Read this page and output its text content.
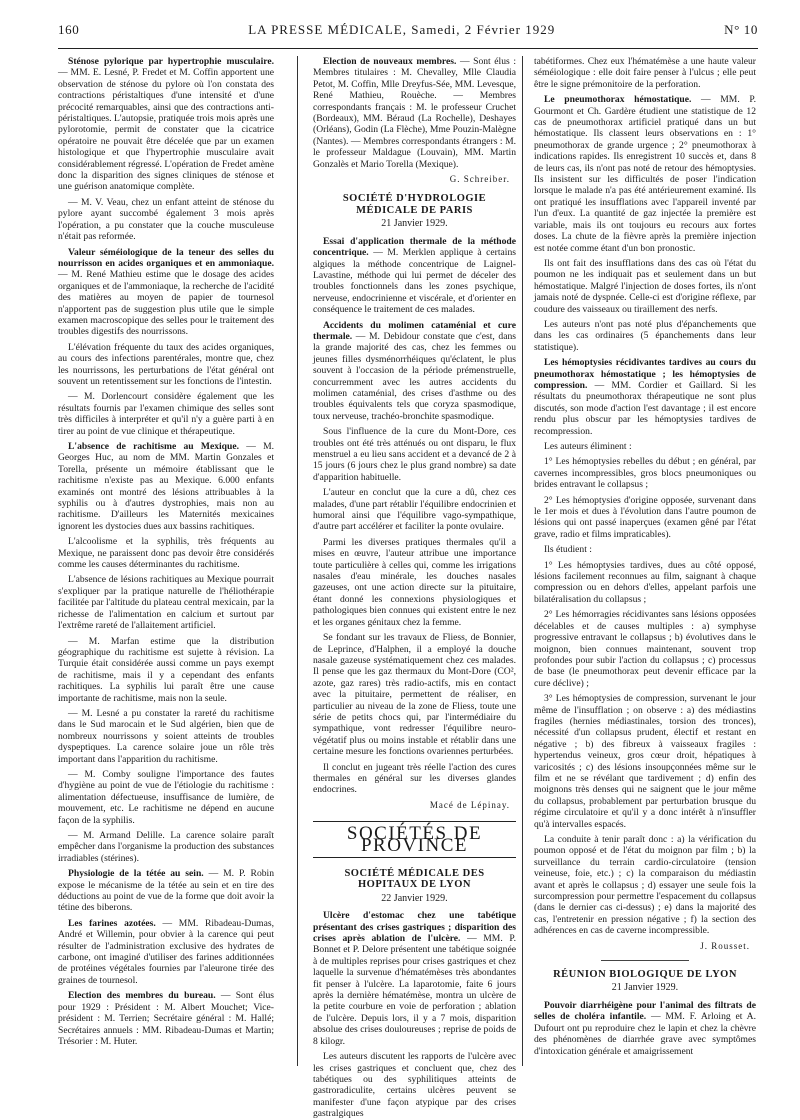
160	LA PRESSE MÉDICALE, Samedi, 2 Février 1929	N° 10

Sténose pylorique par hypertrophie musculaire. — MM. E. Lesné, P. Fredet et M. Coffin apportent une observation de sténose du pylore où l'on constata des contractions péristaltiques d'une intensité et d'une précocité remarquables, ainsi que des contractions anti-péristaltiques. L'autopsie, pratiquée trois mois après une pylorotomie, permit de constater que la cicatrice opératoire ne pouvait être décelée que par un examen histologique et que l'hypertrophie musculaire avait considérablement régressé. L'opération de Fredet amène donc la disparition des signes cliniques de sténose et une guérison anatomique complète.

— M. V. Veau, chez un enfant atteint de sténose du pylore ayant succombé également 3 mois après l'opération, a pu constater que la couche musculeuse n'était pas reformée.

Valeur séméiologique de la teneur des selles du nourrisson en acides organiques et en ammoniaque. — M. René Mathieu estime que le dosage des acides organiques et de l'ammoniaque, la recherche de l'acidité des matières au moyen de papier de tournesol n'apportent pas de suggestion plus utile que le simple examen macroscopique des selles pour le traitement des troubles digestifs des nourrissons.

L'élévation fréquente du taux des acides organiques, au cours des infections parentérales, montre que, chez les nourrissons, les perturbations de l'état général ont souvent un retentissement sur les fonctions de l'intestin.

— M. Dorlencourt considère également que les résultats fournis par l'examen chimique des selles sont très difficiles à interpréter et qu'il n'y a guère parti à en tirer au point de vue clinique et thérapeutique.

L'absence de rachitisme au Mexique. — M. Georges Huc, au nom de MM. Martin Gonzales et Torella, présente un mémoire établissant que le rachitisme n'existe pas au Mexique. 6.000 enfants examinés ont montré des lésions attribuables à la syphilis ou à d'autres dystrophies, mais non au rachitisme. D'ailleurs les Maternités mexicaines ignorent les dystocies dues aux bassins rachitiques.

L'alcoolisme et la syphilis, très fréquents au Mexique, ne paraissent donc pas devoir être considérés comme les causes déterminantes du rachitisme.

L'absence de lésions rachitiques au Mexique pourrait s'expliquer par la pratique naturelle de l'héliothérapie facilitée par l'altitude du plateau central mexicain, par la richesse de l'alimentation en calcium et surtout par l'extrême rareté de l'allaitement artificiel.

— M. Marfan estime que la distribution géographique du rachitisme est sujette à révision. La Turquie était considérée aussi comme un pays exempt de rachitisme, mais il y a cependant des enfants rachitiques. La syphilis lui paraît être une cause importante de rachitisme, mais non la seule.

— M. Lesné a pu constater la rareté du rachitisme dans le Sud marocain et le Sud algérien, bien que de nombreux nourrissons y soient atteints de troubles dyspeptiques. La carence solaire joue un rôle très important dans l'apparition du rachitisme.

— M. Comby souligne l'importance des fautes d'hygiène au point de vue de l'étiologie du rachitisme : alimentation défectueuse, insuffisance de lumière, de mouvement, etc. Le rachitisme ne dépend en aucune façon de la syphilis.

— M. Armand Delille. La carence solaire paraît empêcher dans l'organisme la production des substances irradiables (stérines).

Physiologie de la tétée au sein. — M. P. Robin expose le mécanisme de la tétée au sein et en tire des déductions au point de vue de la forme que doit avoir la tétine des biberons.

Les farines azotées. — MM. Ribadeau-Dumas, André et Willemin, pour obvier à la carence qui peut résulter de l'administration exclusive des hydrates de carbone, ont imaginé d'utiliser des farines additionnées de protéines végétales fournies par l'aleurone tirée des graines de tournesol.

Election des membres du bureau. — Sont élus pour 1929 : Président : M. Albert Mouchet; Vice-président : M. Terrien; Secrétaire général : M. Hallé; Secrétaires annuels : MM. Ribadeau-Dumas et Martin; Trésorier : M. Huter.

Election de nouveaux membres. — Sont élus : Membres titulaires : M. Chevalley, Mlle Claudia Petot, M. Coffin, Mlle Dreyfus-Sée, MM. Levesque, René Mathieu, Rouèche. — Membres correspondants français : M. le professeur Cruchet (Bordeaux), MM. Béraud (La Rochelle), Deshayes (Orléans), Godin (La Flèche), Mme Pouzin-Malègne (Nantes). — Membres correspondants étrangers : M. le professeur Maldague (Louvain), MM. Martin Gonzalès et Mario Torella (Mexique).

G. Schreiber.
SOCIÉTÉ D'HYDROLOGIE MÉDICALE DE PARIS
21 Janvier 1929.

Essai d'application thermale de la méthode concentrique. — M. Merklen applique à certains algiques la méthode concentrique de Laignel-Lavastine, méthode qui lui permet de déceler des troubles fonctionnels dans les zones psychique, nerveuse, endocrinienne et viscérale, et d'orienter en conséquence le traitement de ces malades.

Accidents du molimen cataménial et cure thermale. — M. Debidour constate que c'est, dans la grande majorité des cas, chez les femmes ou jeunes filles dysménorrhéiques qu'éclatent, le plus souvent à l'occasion de la période prémenstruelle, concurremment avec les autres accidents du molimen cataménial, des crises d'asthme ou des troubles équivalents tels que coryza spasmodique, toux nerveuse, trachéo-bronchite spasmodique.

Sous l'influence de la cure du Mont-Dore, ces troubles ont été très atténués ou ont disparu, le flux menstruel a eu lieu sans accident et a devancé de 2 à 15 jours (6 jours chez le plus grand nombre) sa date d'apparition habituelle.

L'auteur en conclut que la cure a dû, chez ces malades, d'une part rétablir l'équilibre endocrinien et humoral ainsi que l'équilibre vago-sympathique, d'autre part accélérer et faciliter la ponte ovulaire.

Parmi les diverses pratiques thermales qu'il a mises en œuvre, l'auteur attribue une importance toute particulière à celles qui, comme les irrigations nasales d'eau minérale, les douches nasales gazeuses, ont une action directe sur la pituitaire, étant donné les connexions physiologiques et pathologiques bien connues qui existent entre le nez et les organes génitaux chez la femme.

Se fondant sur les travaux de Fliess, de Bonnier, de Leprince, d'Halphen, il a employé la douche nasale gazeuse systématiquement chez ces malades. Il pense que les gaz thermaux du Mont-Dore (CO², azote, gaz rares) très radio-actifs, mis en contact avec la pituitaire, permettent de réaliser, en particulier au niveau de la zone de Fliess, toute une série de petits chocs qui, par l'intermédiaire du sympathique, vont redresser l'équilibre neuro-végétatif plus ou moins instable et rétablir dans une certaine mesure les fonctions ovariennes perturbées.

Il conclut en jugeant très réelle l'action des cures thermales en général sur les diverses glandes endocrines.

Macé de Lépinay.
SOCIÉTÉS DE PROVINCE
SOCIÉTÉ MÉDICALE DES HOPITAUX DE LYON
22 Janvier 1929.

Ulcère d'estomac chez une tabétique présentant des crises gastriques ; disparition des crises après ablation de l'ulcère. — MM. P. Bonnet et P. Delore présentent une tabétique soignée à de multiples reprises pour crises gastriques et chez laquelle la survenue d'hématémèses très abondantes fit penser à l'ulcère. La laparotomie, faite 6 jours après la dernière hématémèse, montra un ulcère de la petite courbure en voie de perforation ; ablation de l'ulcère. Depuis lors, il y a 7 mois, disparition absolue des crises douloureuses ; reprise de poids de 8 kilogr.

Les auteurs discutent les rapports de l'ulcère avec les crises gastriques et concluent que, chez des tabétiques ou des syphilitiques atteints de gastroradiculite, certains ulcères peuvent se manifester d'une façon atypique par des crises gastralgiques

tabétiformes. Chez eux l'hématémèse a une haute valeur séméiologique : elle doit faire penser à l'ulcus ; elle peut être le signe prémonitoire de la perforation.

Le pneumothorax hémostatique. — MM. P. Gourmont et Ch. Gardère étudient une statistique de 12 cas de pneumothorax artificiel pratiqué dans un but hémostatique. Ils classent leurs observations en : 1° pneumothorax de grande urgence ; 2° pneumothorax à indications rapides. Ils enregistrent 10 succès et, dans 8 de leurs cas, ils n'ont pas noté de retour des hémoptysies. Ils insistent sur les difficultés de poser l'indication lorsque le malade n'a pas été antérieurement examiné. Ils ont pratiqué les insufflations avec l'appareil inventé par l'un d'eux. La quantité de gaz injectée la première est variable, mais ils ont toujours eu recours aux fortes doses. La chute de la fièvre après la première injection est notée comme étant d'un bon pronostic.

Ils ont fait des insufflations dans des cas où l'état du poumon ne les indiquait pas et seulement dans un but hémostatique. Malgré l'injection de doses fortes, ils n'ont jamais noté de dyspnée. Celle-ci est d'origine réflexe, par coudure des vaisseaux ou tiraillement des nerfs.

Les auteurs n'ont pas noté plus d'épanchements que dans les cas ordinaires (5 épanchements dans leur statistique).

Les hémoptysies récidivantes tardives au cours du pneumothorax hémostatique ; les hémoptysies de compression. — MM. Cordier et Gaillard. Si les résultats du pneumothorax thérapeutique ne sont plus discutés, son mode d'action l'est davantage ; il est encore rendu plus obscur par les hémoptysies tardives de recompression.

Les auteurs éliminent :

1° Les hémoptysies rebelles du début ; en général, par cavernes incompressibles, gros blocs pneumoniques ou brides entravant le collapsus ;

2° Les hémoptysies d'origine opposée, survenant dans le 1er mois et dues à l'évolution dans l'autre poumon de lésions qui ont passé inaperçues (examen gêné par l'état grave, radio et films impraticables).

Ils étudient :

1° Les hémoptysies tardives, dues au côté opposé, lésions facilement reconnues au film, saignant à chaque compression ou en dehors d'elles, appelant parfois une bilatéralisation du collapsus ;

2° Les hémorragies récidivantes sans lésions opposées décelables et de causes multiples : a) symphyse progressive entravant le collapsus ; b) évolutives dans le moignon, bien connues maintenant, souvent trop profondes pour subir l'action du collapsus ; c) processus de base (le pneumothorax peut devenir efficace par la cure déclive) ;

3° Les hémoptysies de compression, survenant le jour même de l'insufflation ; on observe : a) des médiastins fragiles (hernies médiastinales, torsion des tronces), nécessité d'un collapsus prudent, électif et restant en négative ; b) des fibreux à vaisseaux fragiles : hypertendus veineux, gros cœur droit, hépatiques à varicosités ; c) des lésions insoupçonnées même sur le film et ne se révélant que tardivement ; d) enfin des moignons très denses qui ne saignent que le jour même du collapsus, probablement par perturbation brusque du régime circulatoire et qu'il y a donc intérêt à n'insuffler qu'à intervalles espacés.

La conduite à tenir paraît donc : a) la vérification du poumon opposé et de l'état du moignon par film ; b) la surveillance du terrain cardio-circulatoire (tension veineuse, foie, etc.) ; c) la comparaison du médiastin avant et après le collapsus ; d) essayer une seule fois la surcompression pour permettre l'espacement du collapsus (dans le dernier cas ci-dessus) ; e) dans la majorité des cas, l'entretenir en pression négative ; f) la section des adhérences en cas de caverne incompressible.

J. Rousset.
RÉUNION BIOLOGIQUE DE LYON
21 Janvier 1929.

Pouvoir diarrhéigène pour l'animal des filtrats de selles de choléra infantile. — MM. F. Arloing et A. Dufourt ont pu reproduire chez le lapin et chez la chèvre des phénomènes de diarrhée grave avec symptômes d'intoxication générale et amaigrissement
